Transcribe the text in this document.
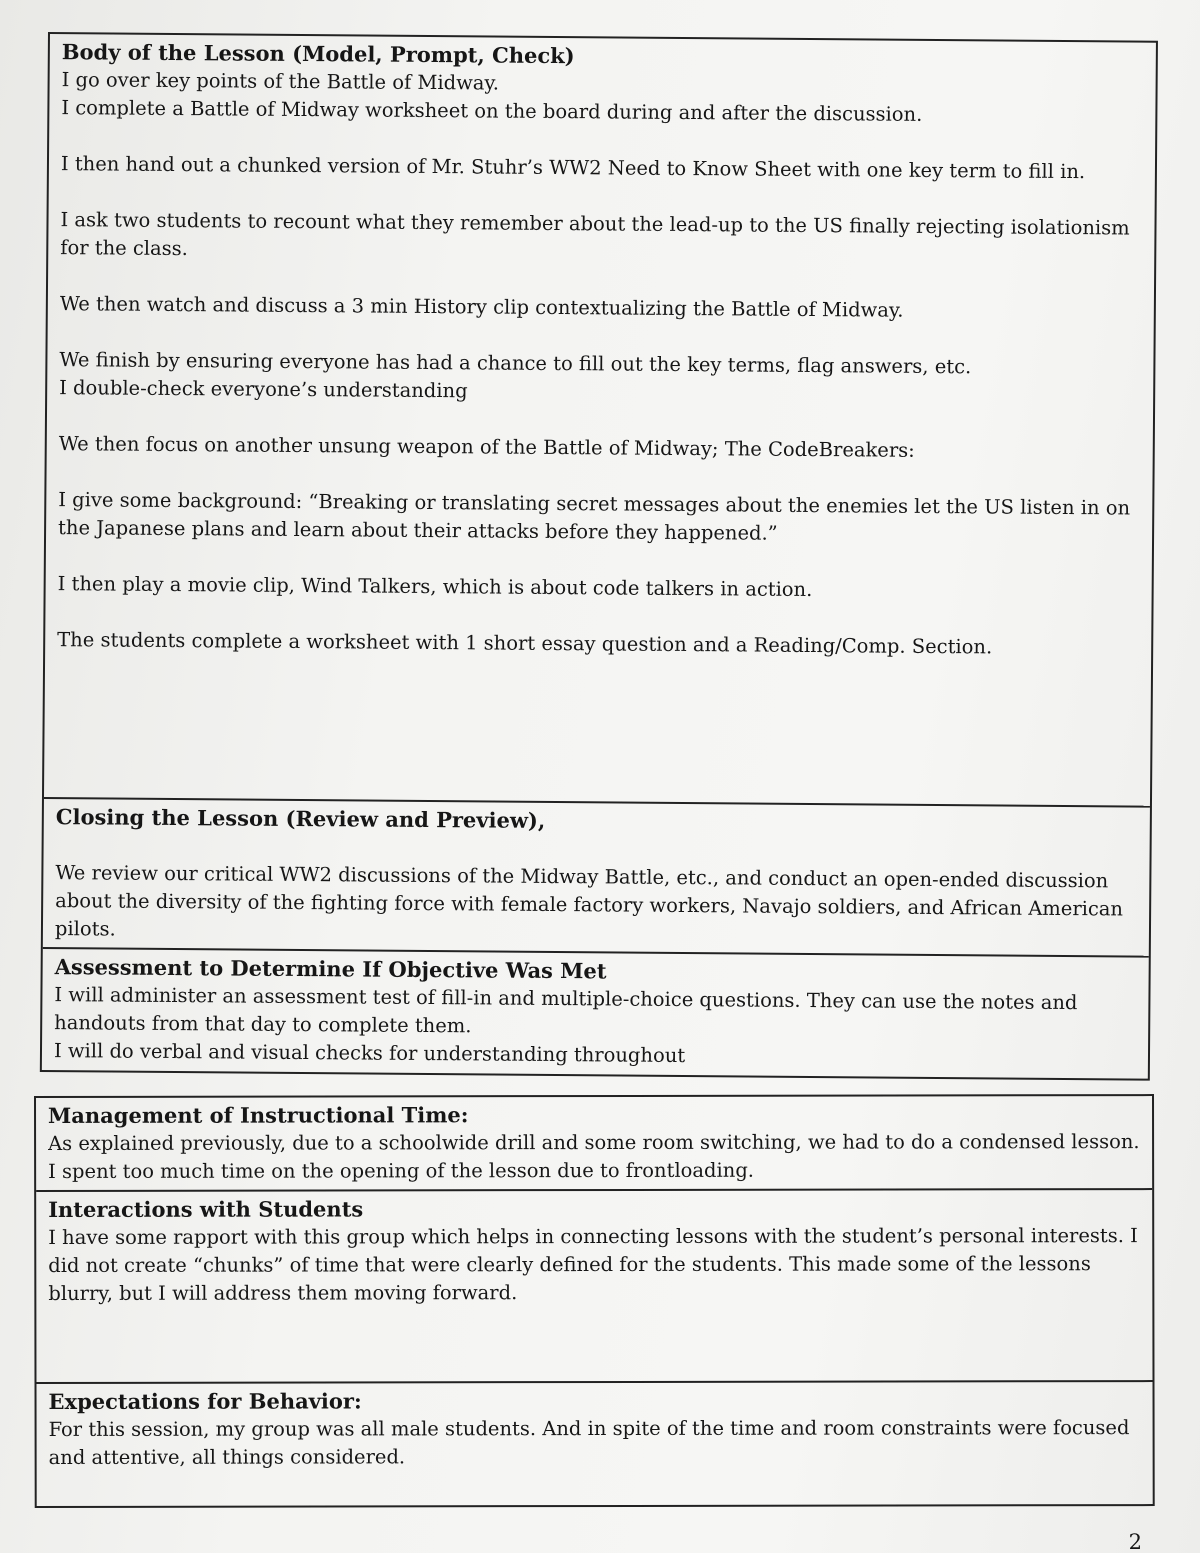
Body of the Lesson (Model, Prompt, Check)

I go over key points of the Battle of Midway.

I complete a Battle of Midway worksheet on the board during and after the discussion.

I then hand out a chunked version of Mr. Stuhr’s WW2 Need to Know Sheet with one key term to fill in.

I ask two students to recount what they remember about the lead-up to the US finally rejecting isolationism for the class.

We then watch and discuss a 3 min History clip contextualizing the Battle of Midway.

We finish by ensuring everyone has had a chance to fill out the key terms, flag answers, etc.

I double-check everyone’s understanding

We then focus on another unsung weapon of the Battle of Midway; The CodeBreakers:

I give some background: “Breaking or translating secret messages about the enemies let the US listen in on the Japanese plans and learn about their attacks before they happened.”

I then play a movie clip, Wind Talkers, which is about code talkers in action.

The students complete a worksheet with 1 short essay question and a Reading/Comp. Section.

Closing the Lesson (Review and Preview),

We review our critical WW2 discussions of the Midway Battle, etc., and conduct an open-ended discussion about the diversity of the fighting force with female factory workers, Navajo soldiers, and African American pilots.

Assessment to Determine If Objective Was Met

I will administer an assessment test of fill-in and multiple-choice questions. They can use the notes and handouts from that day to complete them.

I will do verbal and visual checks for understanding throughout

Management of Instructional Time:

As explained previously, due to a schoolwide drill and some room switching, we had to do a condensed lesson. I spent too much time on the opening of the lesson due to frontloading.

Interactions with Students

I have some rapport with this group which helps in connecting lessons with the student’s personal interests. I did not create “chunks” of time that were clearly defined for the students. This made some of the lessons blurry, but I will address them moving forward.

Expectations for Behavior:

For this session, my group was all male students. And in spite of the time and room constraints were focused and attentive, all things considered.

2
